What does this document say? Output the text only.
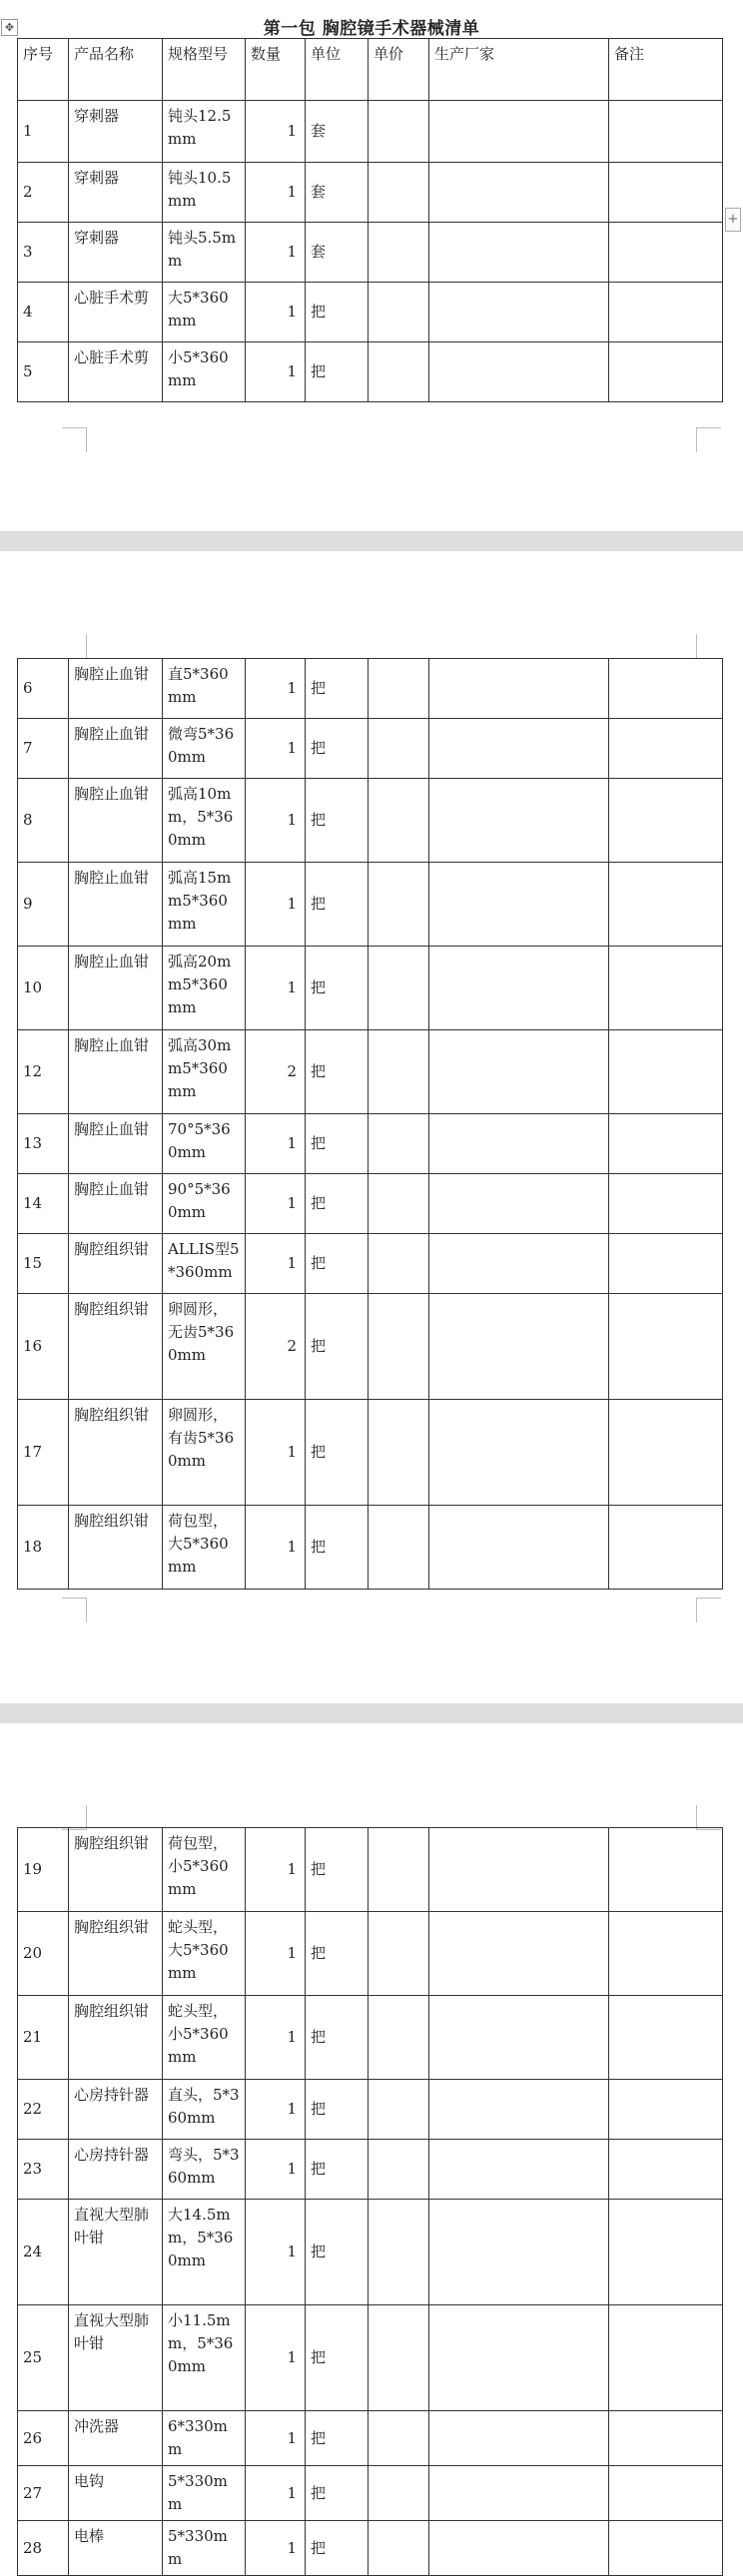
✥
+
第一包 胸腔镜手术器械清单
序号	产品名称	规格型号	数量	单位	单价	生产厂家	备注
1	穿刺器	钝头12.5mm	1	套			
2	穿刺器	钝头10.5mm	1	套			
3	穿刺器	钝头5.5mm	1	套			
4	心脏手术剪	大5*360mm	1	把			
5	心脏手术剪	小5*360mm	1	把			
6	胸腔止血钳	直5*360mm	1	把			
7	胸腔止血钳	微弯5*360mm	1	把			
8	胸腔止血钳	弧高10mm，5*360mm	1	把			
9	胸腔止血钳	弧高15mm5*360mm	1	把			
10	胸腔止血钳	弧高20mm5*360mm	1	把			
12	胸腔止血钳	弧高30mm5*360mm	2	把			
13	胸腔止血钳	70°5*360mm	1	把			
14	胸腔止血钳	90°5*360mm	1	把			
15	胸腔组织钳	ALLIS型5*360mm	1	把			
16	胸腔组织钳	卵圆形，无齿5*360mm	2	把			
17	胸腔组织钳	卵圆形，有齿5*360mm	1	把			
18	胸腔组织钳	荷包型，大5*360mm	1	把			
19	胸腔组织钳	荷包型，小5*360mm	1	把			
20	胸腔组织钳	蛇头型，大5*360mm	1	把			
21	胸腔组织钳	蛇头型，小5*360mm	1	把			
22	心房持针器	直头，5*360mm	1	把			
23	心房持针器	弯头，5*360mm	1	把			
24	直视大型肺叶钳	大14.5mm，5*360mm	1	把			
25	直视大型肺叶钳	小11.5mm，5*360mm	1	把			
26	冲洗器	6*330mm	1	把			
27	电钩	5*330mm	1	把			
28	电棒	5*330mm	1	把			
